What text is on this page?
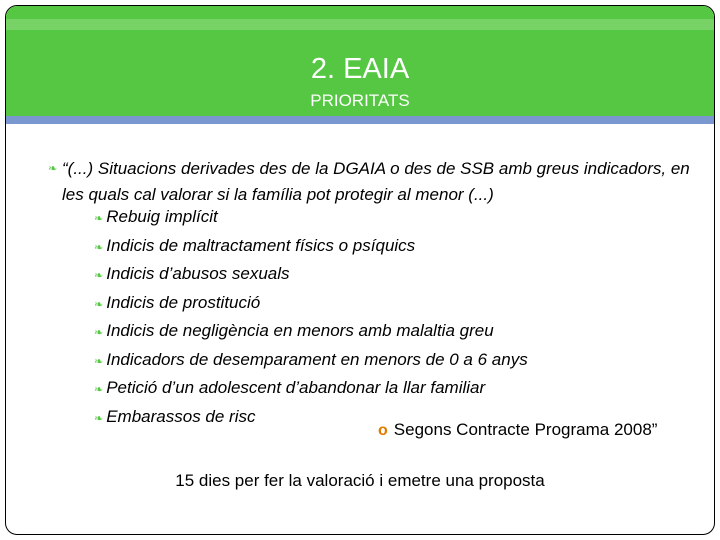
2. EAIA
PRIORITATS
❧ “(...) Situacions derivades des de la DGAIA o des de SSB amb greus indicadors, en les quals cal valorar si la família pot protegir al menor (...)
❧ Rebuig implícit
❧ Indicis de maltractament físics o psíquics
❧ Indicis d’abusos sexuals
❧ Indicis de prostitució
❧ Indicis de negligència en menors amb malaltia greu
❧ Indicadors de desemparament en menors de 0 a 6 anys
❧ Petició d’un adolescent d’abandonar la llar familiar
❧ Embarassos de risc
o Segons Contracte Programa 2008”
15 dies per fer la valoració i emetre una proposta
